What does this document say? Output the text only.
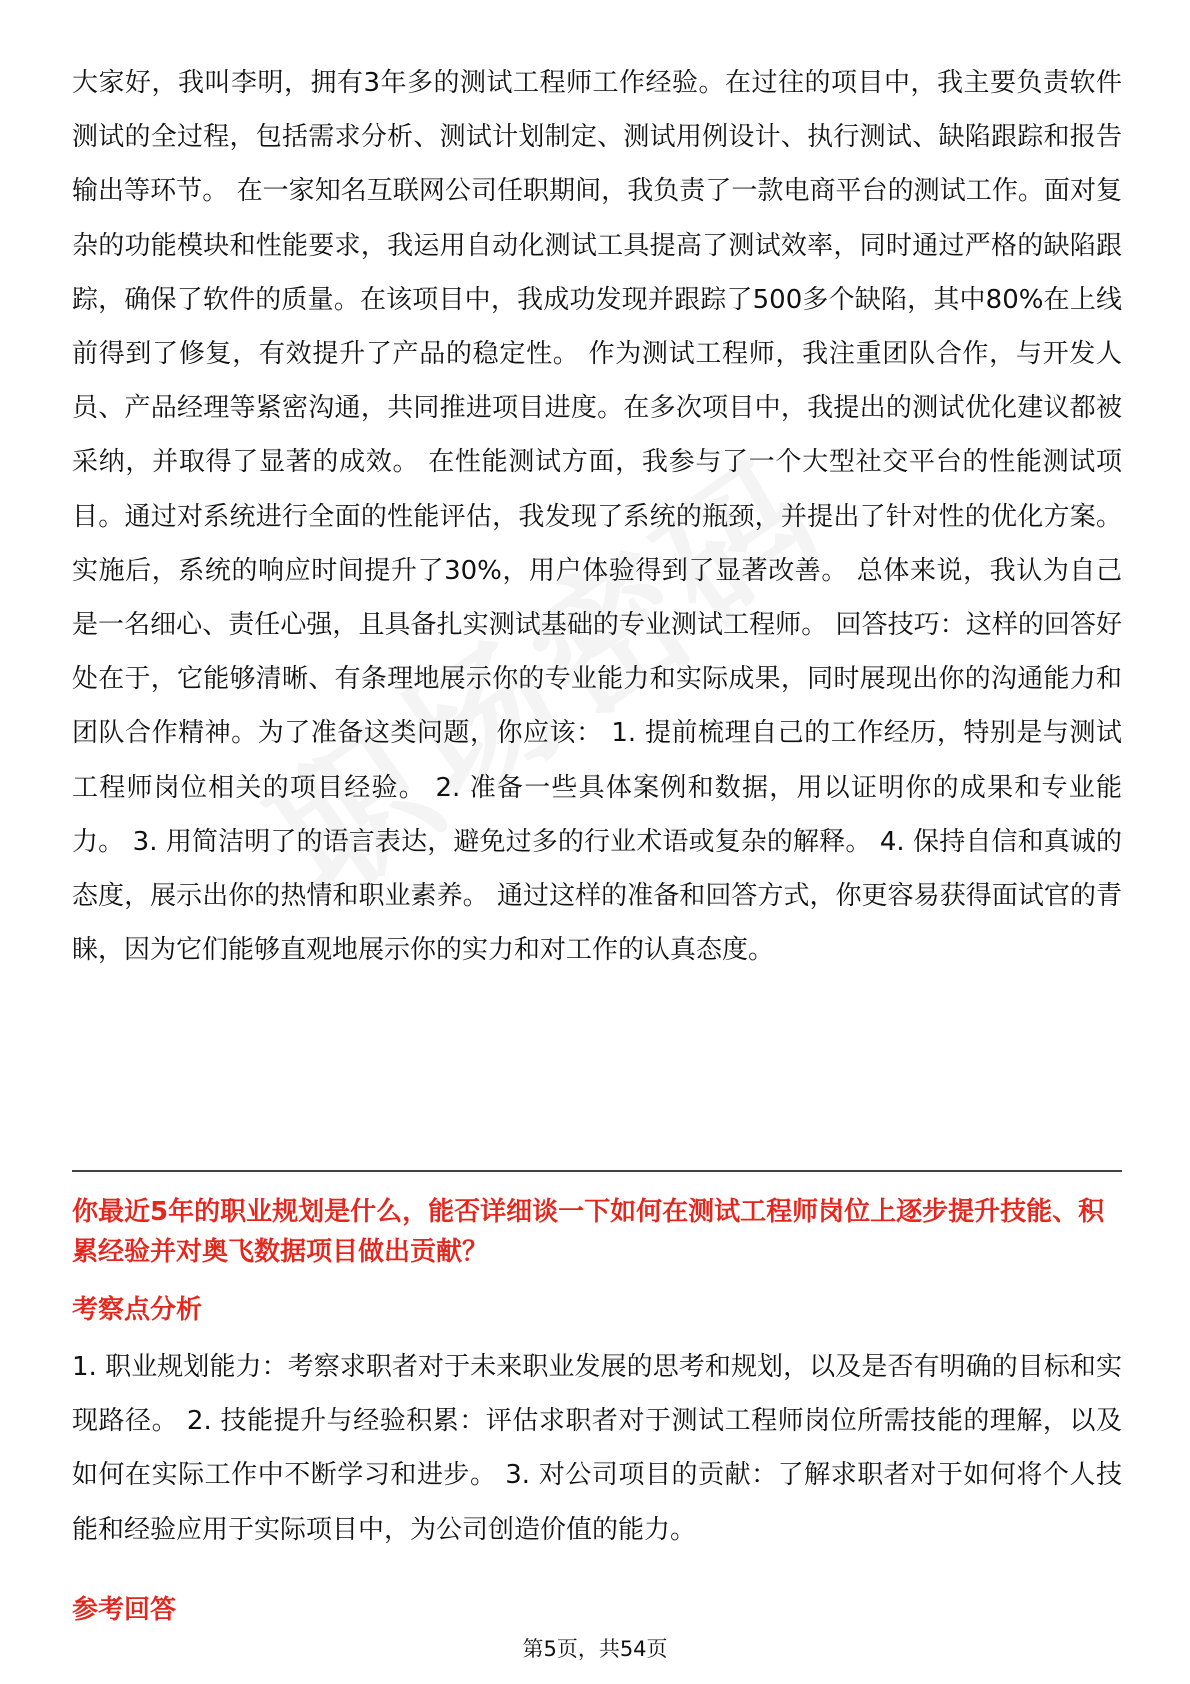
大家好，我叫李明，拥有3年多的测试工程师工作经验。在过往的项目中，我主要负责软件测试的全过程，包括需求分析、测试计划制定、测试用例设计、执行测试、缺陷跟踪和报告输出等环节。 在一家知名互联网公司任职期间，我负责了一款电商平台的测试工作。面对复杂的功能模块和性能要求，我运用自动化测试工具提高了测试效率，同时通过严格的缺陷跟踪，确保了软件的质量。在该项目中，我成功发现并跟踪了500多个缺陷，其中80%在上线前得到了修复，有效提升了产品的稳定性。 作为测试工程师，我注重团队合作，与开发人员、产品经理等紧密沟通，共同推进项目进度。在多次项目中，我提出的测试优化建议都被采纳，并取得了显著的成效。 在性能测试方面，我参与了一个大型社交平台的性能测试项目。通过对系统进行全面的性能评估，我发现了系统的瓶颈，并提出了针对性的优化方案。实施后，系统的响应时间提升了30%，用户体验得到了显著改善。 总体来说，我认为自己是一名细心、责任心强，且具备扎实测试基础的专业测试工程师。 回答技巧：这样的回答好处在于，它能够清晰、有条理地展示你的专业能力和实际成果，同时展现出你的沟通能力和团队合作精神。为了准备这类问题，你应该： 1. 提前梳理自己的工作经历，特别是与测试工程师岗位相关的项目经验。 2. 准备一些具体案例和数据，用以证明你的成果和专业能力。 3. 用简洁明了的语言表达，避免过多的行业术语或复杂的解释。 4. 保持自信和真诚的态度，展示出你的热情和职业素养。 通过这样的准备和回答方式，你更容易获得面试官的青睐，因为它们能够直观地展示你的实力和对工作的认真态度。

你最近5年的职业规划是什么，能否详细谈一下如何在测试工程师岗位上逐步提升技能、积累经验并对奥飞数据项目做出贡献？

考察点分析

1. 职业规划能力：考察求职者对于未来职业发展的思考和规划，以及是否有明确的目标和实现路径。 2. 技能提升与经验积累：评估求职者对于测试工程师岗位所需技能的理解，以及如何在实际工作中不断学习和进步。 3. 对公司项目的贡献：了解求职者对于如何将个人技能和经验应用于实际项目中，为公司创造价值的能力。

参考回答
第5页，共54页
